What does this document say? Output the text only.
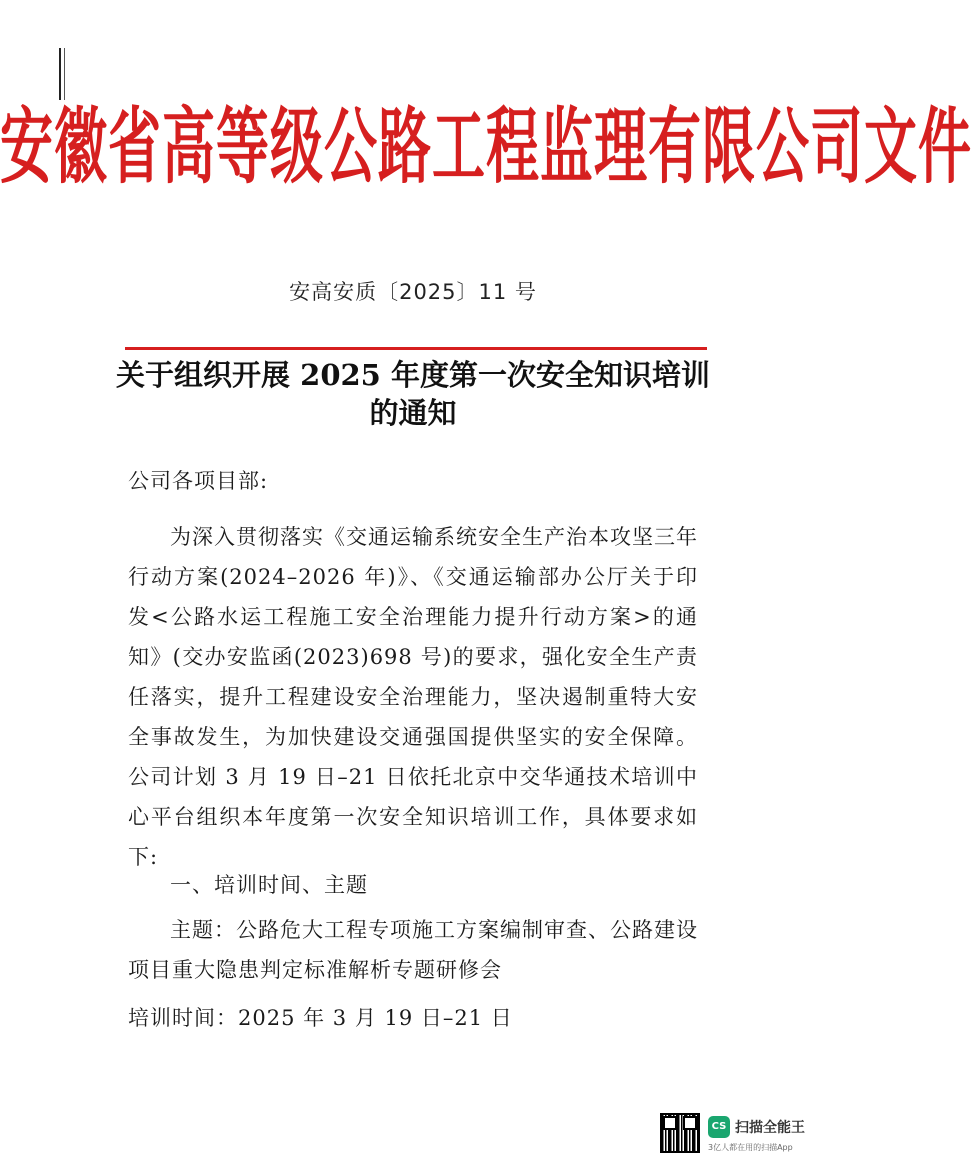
安徽省高等级公路工程监理有限公司文件
安高安质〔2025〕11 号
关于组织开展 2025 年度第一次安全知识培训
的通知
公司各项目部:
为深入贯彻落实《交通运输系统安全生产治本攻坚三年行动方案(2024–2026 年)》、《交通运输部办公厅关于印发<公路水运工程施工安全治理能力提升行动方案>的通知》(交办安监函(2023)698 号)的要求，强化安全生产责任落实，提升工程建设安全治理能力，坚决遏制重特大安全事故发生，为加快建设交通强国提供坚实的安全保障。公司计划 3 月 19 日–21 日依托北京中交华通技术培训中心平台组织本年度第一次安全知识培训工作，具体要求如下:
一、培训时间、主题
主题：公路危大工程专项施工方案编制审查、公路建设项目重大隐患判定标准解析专题研修会
培训时间：2025 年 3 月 19 日–21 日
CS 扫描全能王
3亿人都在用的扫描App
